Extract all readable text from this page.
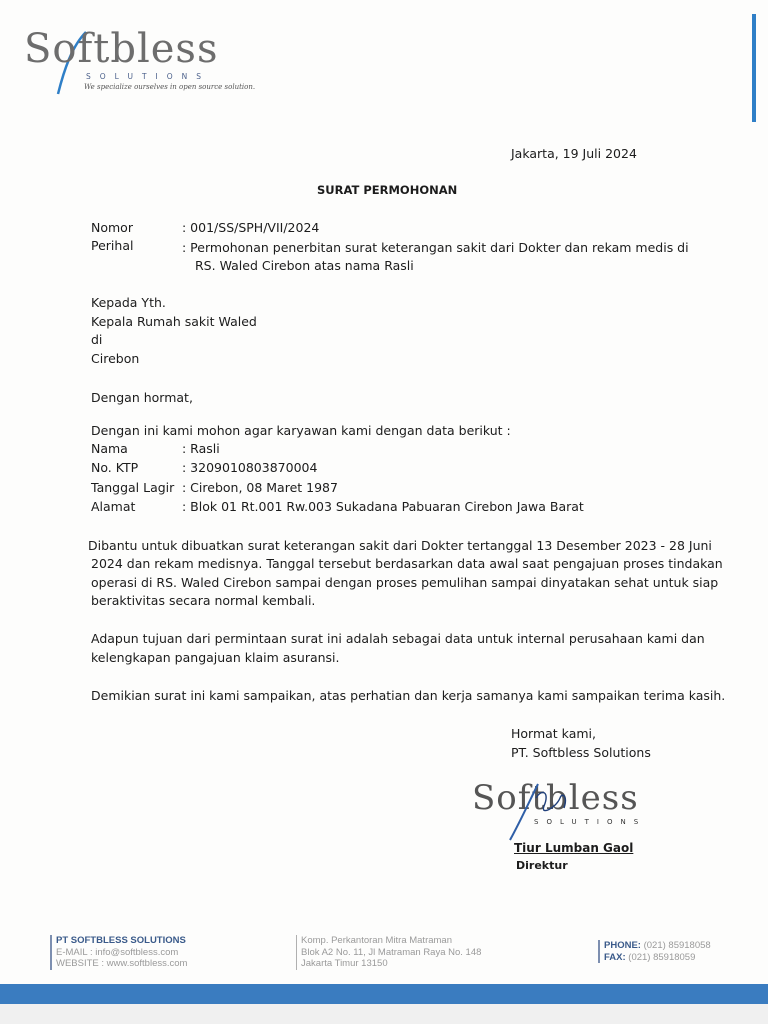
Softbless
SOLUTIONS
We specialize ourselves in open source solution.
Jakarta, 19 Juli 2024
SURAT PERMOHONAN
Nomor	: 001/SS/SPH/VII/2024
Perihal	: Permohonan penerbitan surat keterangan sakit dari Dokter dan rekam medis di
RS. Waled Cirebon atas nama Rasli
Kepada Yth.
Kepala Rumah sakit Waled
di
Cirebon
Dengan hormat,
Dengan ini kami mohon agar karyawan kami dengan data berikut :
Nama	: Rasli
No. KTP	: 3209010803870004
Tanggal Lagir : Cirebon, 08 Maret 1987
Alamat	: Blok 01 Rt.001 Rw.003 Sukadana Pabuaran Cirebon Jawa Barat
Dibantu untuk dibuatkan surat keterangan sakit dari Dokter tertanggal 13 Desember 2023 - 28 Juni
2024 dan rekam medisnya. Tanggal tersebut berdasarkan data awal saat pengajuan proses tindakan
operasi di RS. Waled Cirebon sampai dengan proses pemulihan sampai dinyatakan sehat untuk siap
beraktivitas secara normal kembali.
Adapun tujuan dari permintaan surat ini adalah sebagai data untuk internal perusahaan kami dan
kelengkapan pangajuan klaim asuransi.
Demikian surat ini kami sampaikan, atas perhatian dan kerja samanya kami sampaikan terima kasih.
Hormat kami,
PT. Softbless Solutions
Softbless
SOLUTIONS
Tiur Lumban Gaol
Direktur
PT SOFTBLESS SOLUTIONS
E-MAIL : info@softbless.com
WEBSITE : www.softbless.com
Komp. Perkantoran Mitra Matraman
Blok A2 No. 11, Jl Matraman Raya No. 148
Jakarta Timur 13150
PHONE: (021) 85918058
FAX: (021) 85918059
